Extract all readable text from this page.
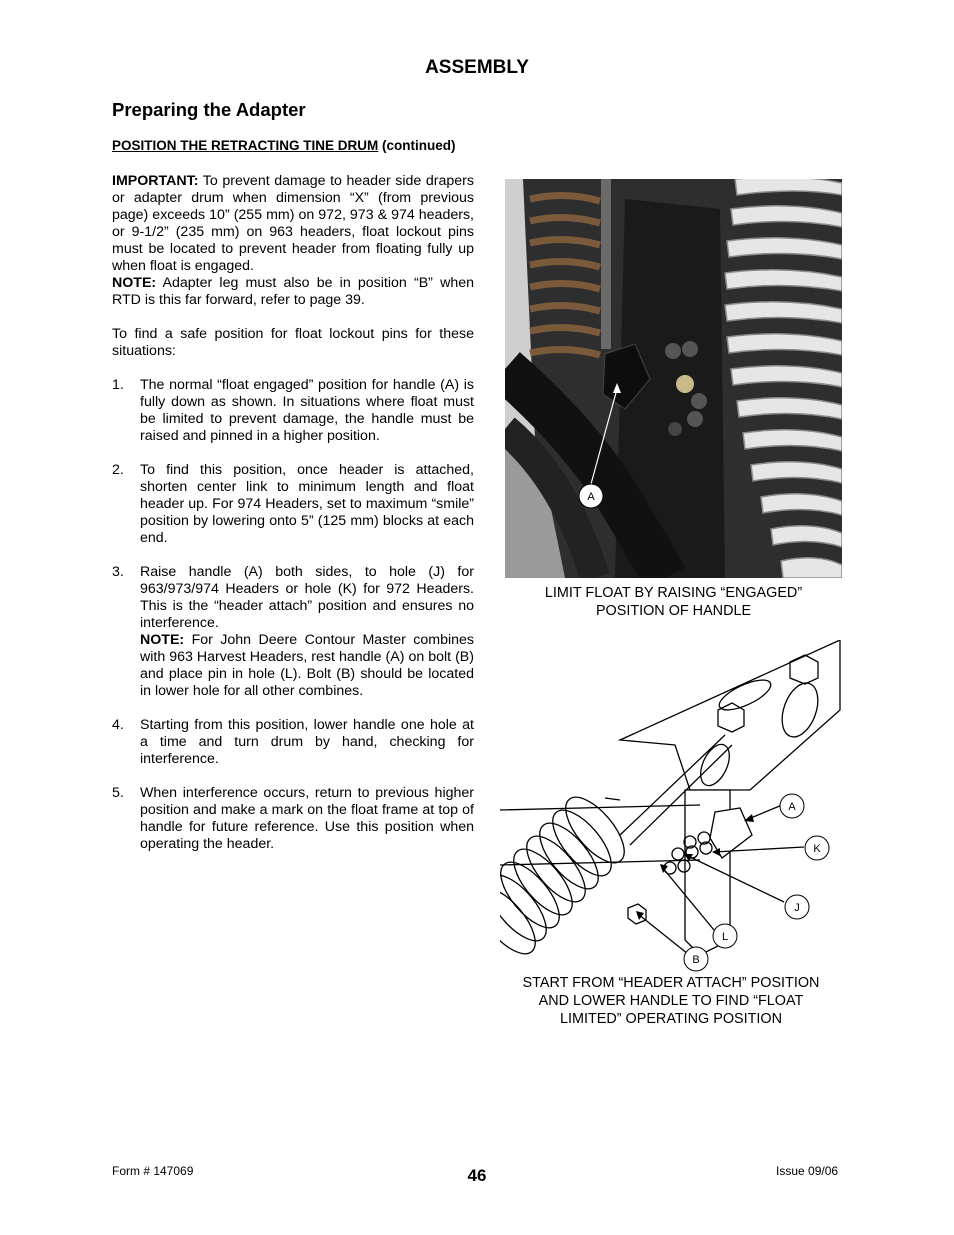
ASSEMBLY
Preparing the Adapter
POSITION THE RETRACTING TINE DRUM (continued)

IMPORTANT: To prevent damage to header side drapers or adapter drum when dimension “X” (from previous page) exceeds 10” (255 mm) on 972, 973 & 974 headers, or 9-1/2” (235 mm) on 963 headers, float lockout pins must be located to prevent header from floating fully up when float is engaged.

NOTE: Adapter leg must also be in position “B” when RTD is this far forward, refer to page 39.

To find a safe position for float lockout pins for these situations:

1.	The normal “float engaged” position for handle (A) is fully down as shown. In situations where float must be limited to prevent damage, the handle must be raised and pinned in a higher position.
2.	To find this position, once header is attached, shorten center link to minimum length and float header up. For 974 Headers, set to maximum “smile” position by lowering onto 5” (125 mm) blocks at each end.
3.	Raise handle (A) both sides, to hole (J) for 963/973/974 Headers or hole (K) for 972 Headers. This is the “header attach” position and ensures no interference.
NOTE: For John Deere Contour Master combines with 963 Harvest Headers, rest handle (A) on bolt (B) and place pin in hole (L). Bolt (B) should be located in lower hole for all other combines.
4.	Starting from this position, lower handle one hole at a time and turn drum by hand, checking for interference.
5.	When interference occurs, return to previous higher position and make a mark on the float frame at top of handle for future reference. Use this position when operating the header.
A
LIMIT FLOAT BY RAISING “ENGAGED”
POSITION OF HANDLE
A
K
J
L
B
START FROM “HEADER ATTACH” POSITION
AND LOWER HANDLE TO FIND “FLOAT
LIMITED” OPERATING POSITION
Form # 147069	46	Issue 09/06
